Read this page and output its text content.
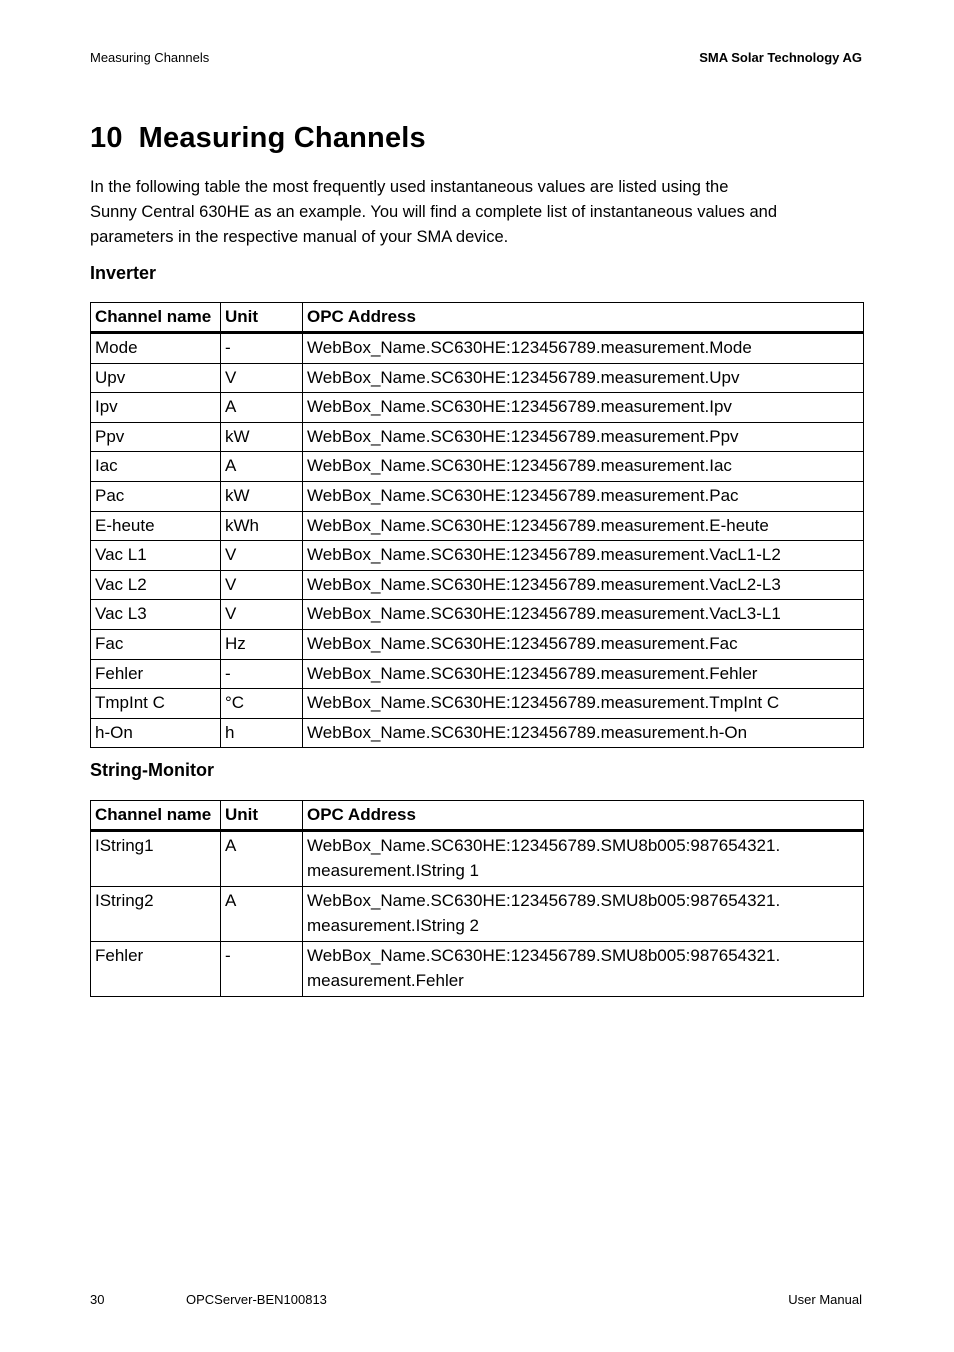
Measuring Channels	SMA Solar Technology AG
10 Measuring Channels

In the following table the most frequently used instantaneous values are listed using the
Sunny Central 630HE as an example. You will find a complete list of instantaneous values and
parameters in the respective manual of your SMA device.

Inverter
Channel name	Unit	OPC Address
Mode	-	WebBox_Name.SC630HE:123456789.measurement.Mode
Upv	V	WebBox_Name.SC630HE:123456789.measurement.Upv
Ipv	A	WebBox_Name.SC630HE:123456789.measurement.Ipv
Ppv	kW	WebBox_Name.SC630HE:123456789.measurement.Ppv
Iac	A	WebBox_Name.SC630HE:123456789.measurement.Iac
Pac	kW	WebBox_Name.SC630HE:123456789.measurement.Pac
E-heute	kWh	WebBox_Name.SC630HE:123456789.measurement.E-heute
Vac L1	V	WebBox_Name.SC630HE:123456789.measurement.VacL1-L2
Vac L2	V	WebBox_Name.SC630HE:123456789.measurement.VacL2-L3
Vac L3	V	WebBox_Name.SC630HE:123456789.measurement.VacL3-L1
Fac	Hz	WebBox_Name.SC630HE:123456789.measurement.Fac
Fehler	-	WebBox_Name.SC630HE:123456789.measurement.Fehler
TmpInt C	°C	WebBox_Name.SC630HE:123456789.measurement.TmpInt C
h-On	h	WebBox_Name.SC630HE:123456789.measurement.h-On
String-Monitor
Channel name	Unit	OPC Address
IString1	A	WebBox_Name.SC630HE:123456789.SMU8b005:987654321.
measurement.IString 1

IString2	A	WebBox_Name.SC630HE:123456789.SMU8b005:987654321.
measurement.IString 2

Fehler	-	WebBox_Name.SC630HE:123456789.SMU8b005:987654321.
measurement.Fehler
30	OPCServer-BEN100813	User Manual
